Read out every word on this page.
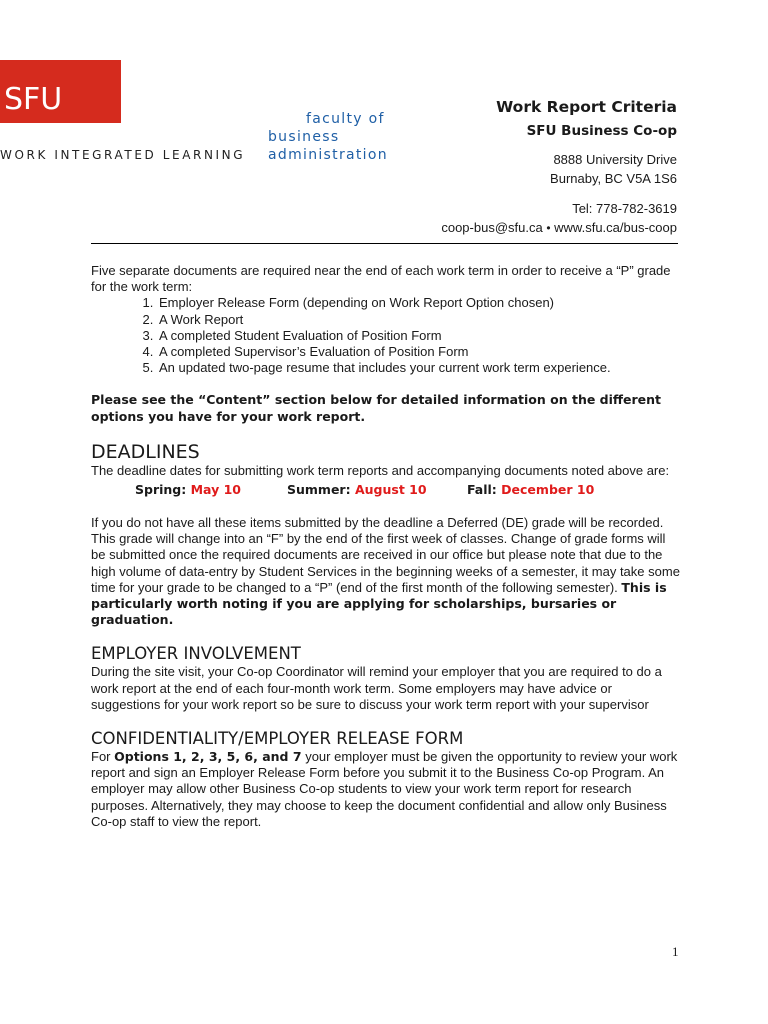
SFU
WORK INTEGRATED LEARNING
faculty of
business
administration
Work Report Criteria
SFU Business Co-op
8888 University Drive
Burnaby, BC V5A 1S6
Tel: 778-782-3619
coop-bus@sfu.ca • www.sfu.ca/bus-coop

Five separate documents are required near the end of each work term in order to receive a “P” grade for the work term:

1. Employer Release Form (depending on Work Report Option chosen)
2. A Work Report
3. A completed Student Evaluation of Position Form
4. A completed Supervisor’s Evaluation of Position Form
5. An updated two-page resume that includes your current work term experience.

Please see the “Content” section below for detailed information on the different options you have for your work report.

DEADLINES

The deadline dates for submitting work term reports and accompanying documents noted above are:

Spring: May 10	Summer: August 10	Fall: December 10

If you do not have all these items submitted by the deadline a Deferred (DE) grade will be recorded. This grade will change into an “F” by the end of the first week of classes. Change of grade forms will be submitted once the required documents are received in our office but please note that due to the high volume of data-entry by Student Services in the beginning weeks of a semester, it may take some time for your grade to be changed to a “P” (end of the first month of the following semester). This is particularly worth noting if you are applying for scholarships, bursaries or graduation.

EMPLOYER INVOLVEMENT

During the site visit, your Co-op Coordinator will remind your employer that you are required to do a work report at the end of each four-month work term. Some employers may have advice or suggestions for your work report so be sure to discuss your work term report with your supervisor

CONFIDENTIALITY/EMPLOYER RELEASE FORM

For Options 1, 2, 3, 5, 6, and 7 your employer must be given the opportunity to review your work report and sign an Employer Release Form before you submit it to the Business Co-op Program. An employer may allow other Business Co-op students to view your work term report for research purposes. Alternatively, they may choose to keep the document confidential and allow only Business Co-op staff to view the report.

1
